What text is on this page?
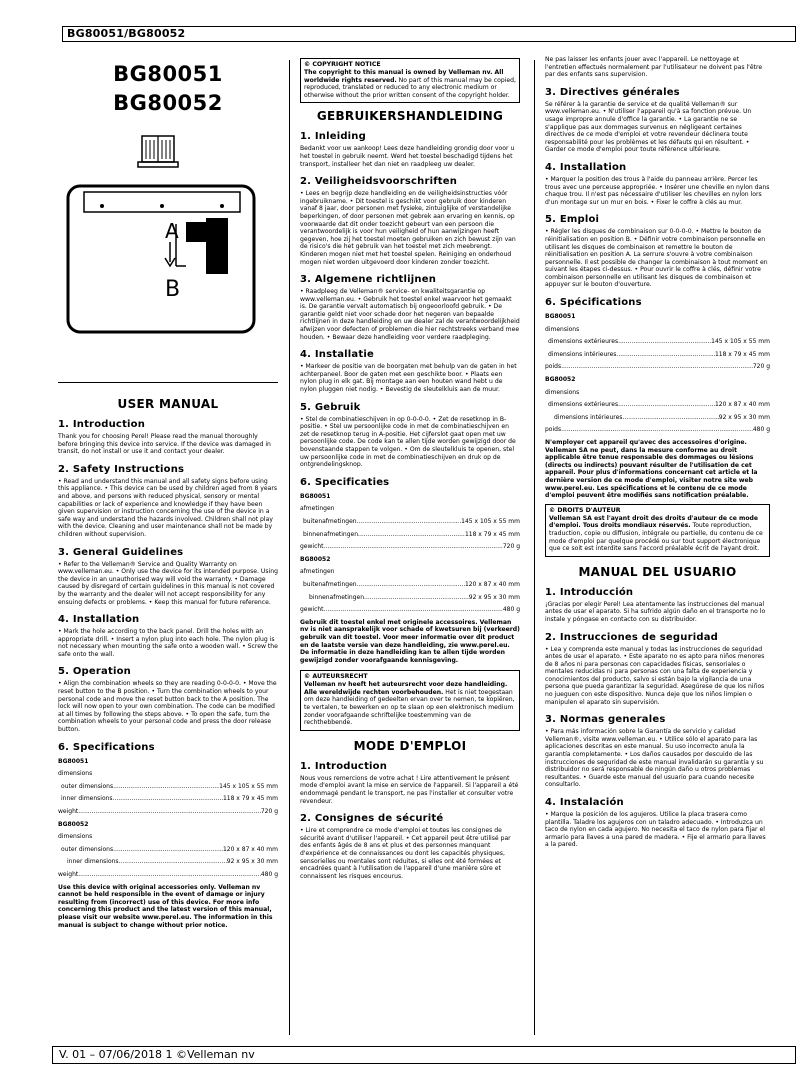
BG80051/BG80052
BG80051
BG80052
A
B
USER MANUAL
1. Introduction

Thank you for choosing Perel! Please read the manual thoroughly before bringing this device into service. If the device was damaged in transit, do not install or use it and contact your dealer.

2. Safety Instructions

• Read and understand this manual and all safety signs before using this appliance. • This device can be used by children aged from 8 years and above, and persons with reduced physical, sensory or mental capabilities or lack of experience and knowledge if they have been given supervision or instruction concerning the use of the device in a safe way and understand the hazards involved. Children shall not play with the device. Cleaning and user maintenance shall not be made by children without supervision.

3. General Guidelines

• Refer to the Velleman® Service and Quality Warranty on www.velleman.eu. • Only use the device for its intended purpose. Using the device in an unauthorised way will void the warranty. • Damage caused by disregard of certain guidelines in this manual is not covered by the warranty and the dealer will not accept responsibility for any ensuing defects or problems. • Keep this manual for future reference.

4. Installation

• Mark the hole according to the back panel. Drill the holes with an appropriate drill. • Insert a nylon plug into each hole. The nylon plug is not necessary when mounting the safe onto a wooden wall. • Screw the safe onto the wall.

5. Operation

• Align the combination wheels so they are reading 0-0-0-0. • Move the reset button to the B position. • Turn the combination wheels to your personal code and move the reset button back to the A position. The lock will now open to your own combination. The code can be modified at all times by following the steps above. • To open the safe, turn the combination wheels to your personal code and press the door release button.

6. Specifications
BG80051
dimensions
outer dimensions .....	145 x 105 x 55 mm
inner dimensions .....	118 x 79 x 45 mm
weight .....	720 g
BG80052
dimensions
outer dimensions .....	120 x 87 x 40 mm
inner dimensions .....	92 x 95 x 30 mm
weight .....	480 g

Use this device with original accessories only. Velleman nv cannot be held responsible in the event of damage or injury resulting from (incorrect) use of this device. For more info concerning this product and the latest version of this manual, please visit our website www.perel.eu. The information in this manual is subject to change without prior notice.

© COPYRIGHT NOTICE

The copyright to this manual is owned by Velleman nv. All worldwide rights reserved. No part of this manual may be copied, reproduced, translated or reduced to any electronic medium or otherwise without the prior written consent of the copyright holder.

GEBRUIKERSHANDLEIDING
1. Inleiding

Bedankt voor uw aankoop! Lees deze handleiding grondig door voor u het toestel in gebruik neemt. Werd het toestel beschadigd tijdens het transport, installeer het dan niet en raadpleeg uw dealer.

2. Veiligheidsvoorschriften

• Lees en begrijp deze handleiding en de veiligheidsinstructies vóór ingebruikname. • Dit toestel is geschikt voor gebruik door kinderen vanaf 8 jaar, door personen met fysieke, zintuiglijke of verstandelijke beperkingen, of door personen met gebrek aan ervaring en kennis, op voorwaarde dat dit onder toezicht gebeurt van een persoon die verantwoordelijk is voor hun veiligheid of hun aanwijzingen heeft gegeven, hoe zij het toestel moeten gebruiken en zich bewust zijn van de risico's die het gebruik van het toestel met zich meebrengt. Kinderen mogen niet met het toestel spelen. Reiniging en onderhoud mogen niet worden uitgevoerd door kinderen zonder toezicht.

3. Algemene richtlijnen

• Raadpleeg de Velleman® service- en kwaliteitsgarantie op www.velleman.eu. • Gebruik het toestel enkel waarvoor het gemaakt is. De garantie vervalt automatisch bij ongeoorloofd gebruik. • De garantie geldt niet voor schade door het negeren van bepaalde richtlijnen in deze handleiding en uw dealer zal de verantwoordelijkheid afwijzen voor defecten of problemen die hier rechtstreeks verband mee houden. • Bewaar deze handleiding voor verdere raadpleging.

4. Installatie

• Markeer de positie van de boorgaten met behulp van de gaten in het achterpaneel. Boor de gaten met een geschikte boor. • Plaats een nylon plug in elk gat. Bij montage aan een houten wand hebt u de nylon pluggen niet nodig. • Bevestig de sleutelkluis aan de muur.

5. Gebruik

• Stel de combinatieschijven in op 0-0-0-0. • Zet de resetknop in B-positie. • Stel uw persoonlijke code in met de combinatieschijven en zet de resetknop terug in A-positie. Het cijferslot gaat open met uw persoonlijke code. De code kan te allen tijde worden gewijzigd door de bovenstaande stappen te volgen. • Om de sleutelkluis te openen, stel uw persoonlijke code in met de combinatieschijven en druk op de ontgrendelingsknop.

6. Specificaties
BG80051
afmetingen
buitenafmetingen .....	145 x 105 x 55 mm
binnenafmetingen .....	118 x 79 x 45 mm
gewicht .....	720 g
BG80052
afmetingen
buitenafmetingen .....	120 x 87 x 40 mm
binnenafmetingen .....	92 x 95 x 30 mm
gewicht .....	480 g

Gebruik dit toestel enkel met originele accessoires. Velleman nv is niet aansprakelijk voor schade of kwetsuren bij (verkeerd) gebruik van dit toestel. Voor meer informatie over dit product en de laatste versie van deze handleiding, zie www.perel.eu. De informatie in deze handleiding kan te allen tijde worden gewijzigd zonder voorafgaande kennisgeving.

© AUTEURSRECHT

Velleman nv heeft het auteursrecht voor deze handleiding. Alle wereldwijde rechten voorbehouden. Het is niet toegestaan om deze handleiding of gedeelten ervan over te nemen, te kopiëren, te vertalen, te bewerken en op te slaan op een elektronisch medium zonder voorafgaande schriftelijke toestemming van de rechthebbende.

MODE D'EMPLOI
1. Introduction

Nous vous remercions de votre achat ! Lire attentivement le présent mode d'emploi avant la mise en service de l'appareil. Si l'appareil a été endommagé pendant le transport, ne pas l'installer et consulter votre revendeur.

2. Consignes de sécurité

• Lire et comprendre ce mode d'emploi et toutes les consignes de sécurité avant d'utiliser l'appareil. • Cet appareil peut être utilisé par des enfants âgés de 8 ans et plus et des personnes manquant d'expérience et de connaissances ou dont les capacités physiques, sensorielles ou mentales sont réduites, si elles ont été formées et encadrées quant à l'utilisation de l'appareil d'une manière sûre et connaissent les risques encourus.

Ne pas laisser les enfants jouer avec l'appareil. Le nettoyage et l'entretien effectués normalement par l'utilisateur ne doivent pas l'être par des enfants sans supervision.

3. Directives générales

Se référer à la garantie de service et de qualité Velleman® sur www.velleman.eu. • N'utiliser l'appareil qu'à sa fonction prévue. Un usage impropre annule d'office la garantie. • La garantie ne se s'applique pas aux dommages survenus en négligeant certaines directives de ce mode d'emploi et votre revendeur déclinera toute responsabilité pour les problèmes et les défauts qui en résultent. • Garder ce mode d'emploi pour toute référence ultérieure.

4. Installation

• Marquer la position des trous à l'aide du panneau arrière. Percer les trous avec une perceuse appropriée. • Insérer une cheville en nylon dans chaque trou. Il n'est pas nécessaire d'utiliser les chevilles en nylon lors d'un montage sur un mur en bois. • Fixer le coffre à clés au mur.

5. Emploi

• Régler les disques de combinaison sur 0-0-0-0. • Mettre le bouton de réinitialisation en position B. • Définir votre combinaison personnelle en utilisant les disques de combinaison et remettre le bouton de réinitialisation en position A. La serrure s'ouvre à votre combinaison personnelle. Il est possible de changer la combinaison à tout moment en suivant les étapes ci-dessus. • Pour ouvrir le coffre à clés, définir votre combinaison personnelle en utilisant les disques de combinaison et appuyer sur le bouton d'ouverture.

6. Spécifications
BG80051
dimensions
dimensions extérieures .....	145 x 105 x 55 mm
dimensions intérieures .....	118 x 79 x 45 mm
poids .....	720 g
BG80052
dimensions
dimensions extérieures .....	120 x 87 x 40 mm
dimensions intérieures .....	92 x 95 x 30 mm
poids .....	480 g

N'employer cet appareil qu'avec des accessoires d'origine. Velleman SA ne peut, dans la mesure conforme au droit applicable être tenue responsable des dommages ou lésions (directs ou indirects) pouvant résulter de l'utilisation de cet appareil. Pour plus d'informations concernant cet article et la dernière version de ce mode d'emploi, visiter notre site web www.perel.eu. Les spécifications et le contenu de ce mode d'emploi peuvent être modifiés sans notification préalable.

© DROITS D'AUTEUR

Velleman SA est l'ayant droit des droits d'auteur de ce mode d'emploi. Tous droits mondiaux réservés. Toute reproduction, traduction, copie ou diffusion, intégrale ou partielle, du contenu de ce mode d'emploi par quelque procédé ou sur tout support électronique que ce soit est interdite sans l'accord préalable écrit de l'ayant droit.

MANUAL DEL USUARIO
1. Introducción

¡Gracias por elegir Perel! Lea atentamente las instrucciones del manual antes de usar el aparato. Si ha sufrido algún daño en el transporte no lo instale y póngase en contacto con su distribuidor.

2. Instrucciones de seguridad

• Lea y comprenda este manual y todas las instrucciones de seguridad antes de usar el aparato. • Este aparato no es apto para niños menores de 8 años ni para personas con capacidades físicas, sensoriales o mentales reducidas ni para personas con una falta de experiencia y conocimientos del producto, salvo si están bajo la vigilancia de una persona que pueda garantizar la seguridad. Asegúrese de que los niños no jueguen con este dispositivo. Nunca deje que los niños limpien o manipulen el aparato sin supervisión.

3. Normas generales

• Para más información sobre la Garantía de servicio y calidad Velleman®, visite www.velleman.eu. • Utilice sólo el aparato para las aplicaciones descritas en este manual. Su uso incorrecto anula la garantía completamente. • Los daños causados por descuido de las instrucciones de seguridad de este manual invalidarán su garantía y su distribuidor no será responsable de ningún daño u otros problemas resultantes. • Guarde este manual del usuario para cuando necesite consultarlo.

4. Instalación

• Marque la posición de los agujeros. Utilice la placa trasera como plantilla. Taladre los agujeros con un taladro adecuado. • Introduzca un taco de nylon en cada agujero. No necesita el taco de nylon para fijar el armario para llaves a una pared de madera. • Fije el armario para llaves a la pared.

V. 01 – 07/06/2018 1 ©Velleman nv
